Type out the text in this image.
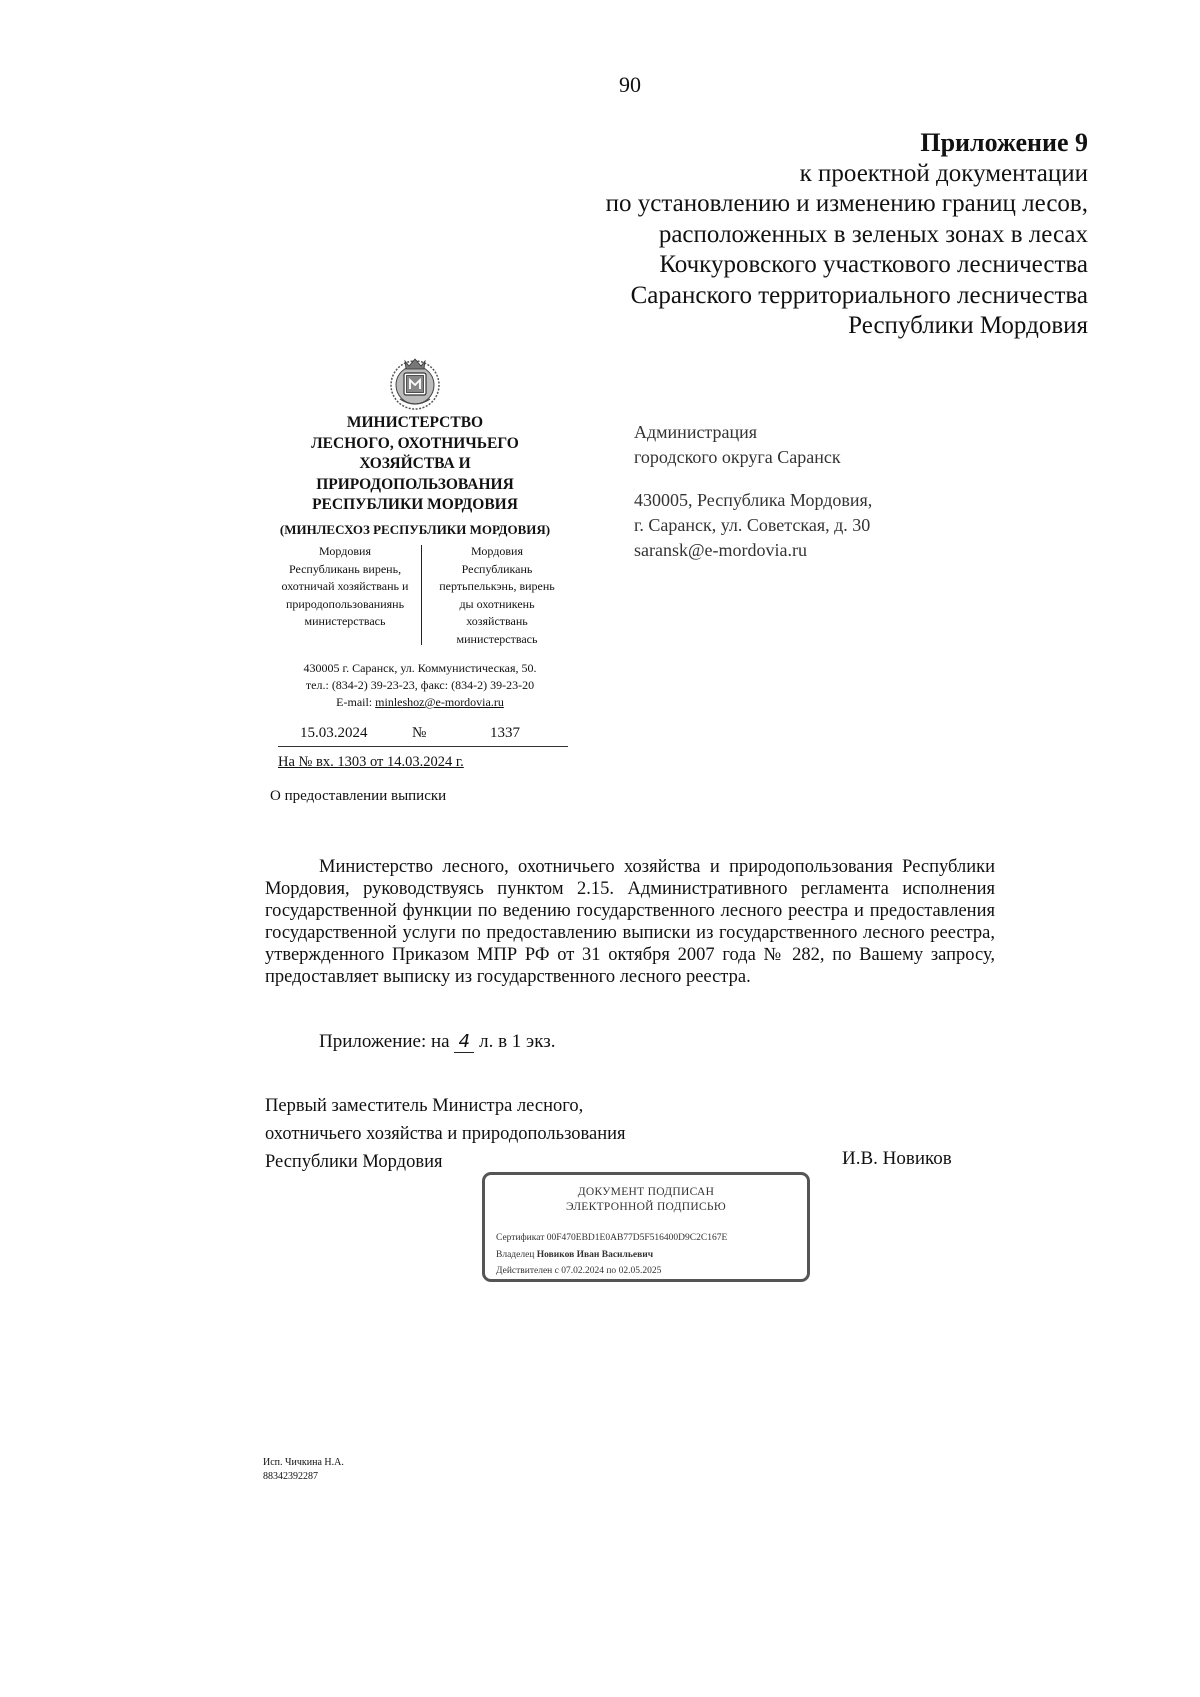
90
Приложение 9
к проектной документации
по установлению и изменению границ лесов,
расположенных в зеленых зонах в лесах
Кочкуровского участкового лесничества
Саранского территориального лесничества
Республики Мордовия
МИНИСТЕРСТВО
ЛЕСНОГО, ОХОТНИЧЬЕГО
ХОЗЯЙСТВА И
ПРИРОДОПОЛЬЗОВАНИЯ
РЕСПУБЛИКИ МОРДОВИЯ
(МИНЛЕСХОЗ РЕСПУБЛИКИ МОРДОВИЯ)
Мордовия
Республикань вирень,
охотничай хозяйствань и
природопользованиянь
министерствась
Мордовия
Республикань
пертьпелькэнь, вирень
ды охотникень
хозяйствань
министерствась
430005 г. Саранск, ул. Коммунистическая, 50.
тел.: (834-2) 39-23-23, факс: (834-2) 39-23-20
E-mail: minleshoz@e-mordovia.ru
15.03.2024	№	1337
На № вх. 1303 от 14.03.2024 г.
О предоставлении выписки
Администрация
городского округа Саранск
430005, Республика Мордовия,
г. Саранск, ул. Советская, д. 30
saransk@e-mordovia.ru
Министерство лесного, охотничьего хозяйства и природопользования Республики Мордовия, руководствуясь пунктом 2.15. Административного регламента исполнения государственной функции по ведению государственного лесного реестра и предоставления государственной услуги по предоставлению выписки из государственного лесного реестра, утвержденного Приказом МПР РФ от 31 октября 2007 года № 282, по Вашему запросу, предоставляет выписку из государственного лесного реестра.
Приложение: на 4 л. в 1 экз.
Первый заместитель Министра лесного,
охотничьего хозяйства и природопользования
Республики Мордовия	И.В. Новиков
ДОКУМЕНТ ПОДПИСАН
ЭЛЕКТРОННОЙ ПОДПИСЬЮ
Сертификат 00F470EBD1E0AB77D5F516400D9C2C167E
Владелец Новиков Иван Васильевич
Действителен с 07.02.2024 по 02.05.2025
Исп. Чичкина Н.А.
88342392287
